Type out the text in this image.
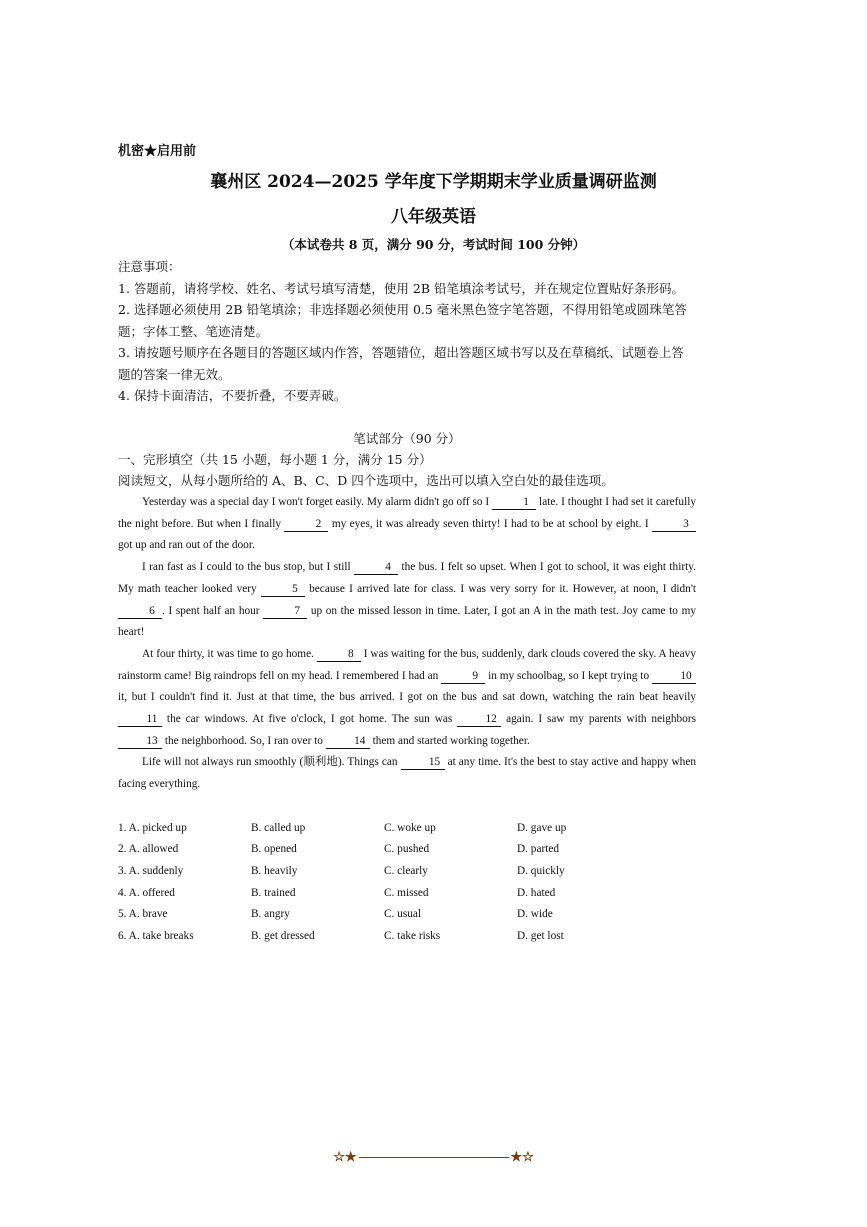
机密★启用前
襄州区 2024—2025 学年度下学期期末学业质量调研监测
八年级英语
（本试卷共 8 页，满分 90 分，考试时间 100 分钟）

注意事项：

1. 答题前，请将学校、姓名、考试号填写清楚，使用 2B 铅笔填涂考试号，并在规定位置贴好条形码。

2. 选择题必须使用 2B 铅笔填涂；非选择题必须使用 0.5 毫米黑色签字笔答题，不得用铅笔或圆珠笔答题；字体工整、笔迹清楚。

3. 请按题号顺序在各题目的答题区域内作答，答题错位，超出答题区域书写以及在草稿纸、试题卷上答题的答案一律无效。

4. 保持卡面清洁，不要折叠，不要弄破。

笔试部分（90 分）
一、完形填空（共 15 小题，每小题 1 分，满分 15 分）
阅读短文，从每小题所给的 A、B、C、D 四个选项中，选出可以填入空白处的最佳选项。

Yesterday was a special day I won't forget easily. My alarm didn't go off so I	1 late. I thought I had set it carefully the night before. But when I finally	2 my eyes, it was already seven thirty! I had to be at school by eight. I	3 got up and ran out of the door.

I ran fast as I could to the bus stop, but I still	4 the bus. I felt so upset. When I got to school, it was eight thirty. My math teacher looked very	5 because I arrived late for class. I was very sorry for it. However, at noon, I didn't 6 . I spent half an hour	7 up on the missed lesson in time. Later, I got an A in the math test. Joy came to my heart!

At four thirty, it was time to go home.	8 I was waiting for the bus, suddenly, dark clouds covered the sky. A heavy rainstorm came! Big raindrops fell on my head. I remembered I had an	9 in my schoolbag, so I kept trying to	10 it, but I couldn't find it. Just at that time, the bus arrived. I got on the bus and sat down, watching the rain beat heavily 11 the car windows. At five o'clock, I got home. The sun was	12 again. I saw my parents with neighbors 13 the neighborhood. So, I ran over to	14 them and started working together.

Life will not always run smoothly (顺利地). Things can	15 at any time. It's the best to stay active and happy when facing everything.

1. A. picked up	B. called up	C. woke up	D. gave up
2. A. allowed	B. opened	C. pushed	D. parted
3. A. suddenly	B. heavily	C. clearly	D. quickly
4. A. offered	B. trained	C. missed	D. hated
5. A. brave	B. angry	C. usual	D. wide
6. A. take breaks	B. get dressed	C. take risks	D. get lost
☆★	★☆
